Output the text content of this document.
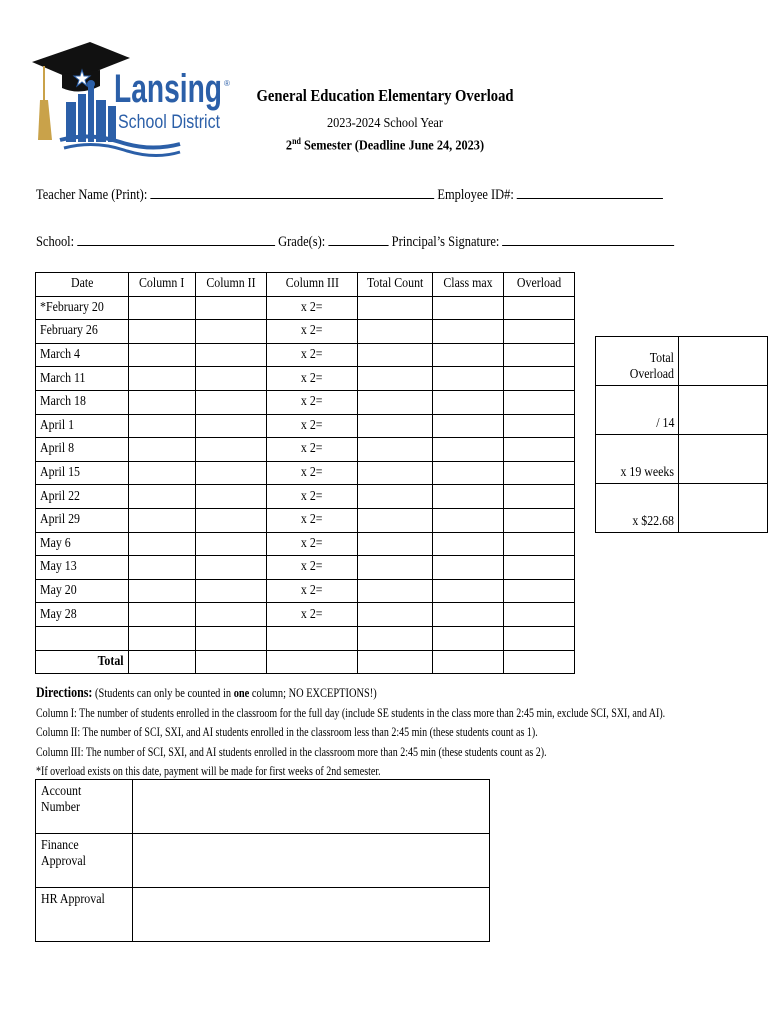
Lansing ®
School District
General Education Elementary Overload
2023-2024 School Year
2nd Semester (Deadline June 24, 2023)
Teacher Name (Print):	Employee ID#:
School:	Grade(s):	Principal’s Signature:
Date	Column I	Column II	Column III	Total Count	Class max	Overload
*February 20			x 2=			
February 26			x 2=			
March 4			x 2=			
March 11			x 2=			
March 18			x 2=			
April 1			x 2=			
April 8			x 2=			
April 15			x 2=			
April 22			x 2=			
April 29			x 2=			
May 6			x 2=			
May 13			x 2=			
May 20			x 2=			
May 28			x 2=			

Total						
Total Overload	
/ 14	
x 19 weeks	
x $22.68	
Directions: (Students can only be counted in one column; NO EXCEPTIONS!)
Column I: The number of students enrolled in the classroom for the full day (include SE students in the class more than 2:45 min, exclude SCI, SXI, and AI).
Column II: The number of SCI, SXI, and AI students enrolled in the classroom less than 2:45 min (these students count as 1).
Column III: The number of SCI, SXI, and AI students enrolled in the classroom more than 2:45 min (these students count as 2).
*If overload exists on this date, payment will be made for first weeks of 2nd semester.
Account Number	
Finance Approval	
HR Approval	
